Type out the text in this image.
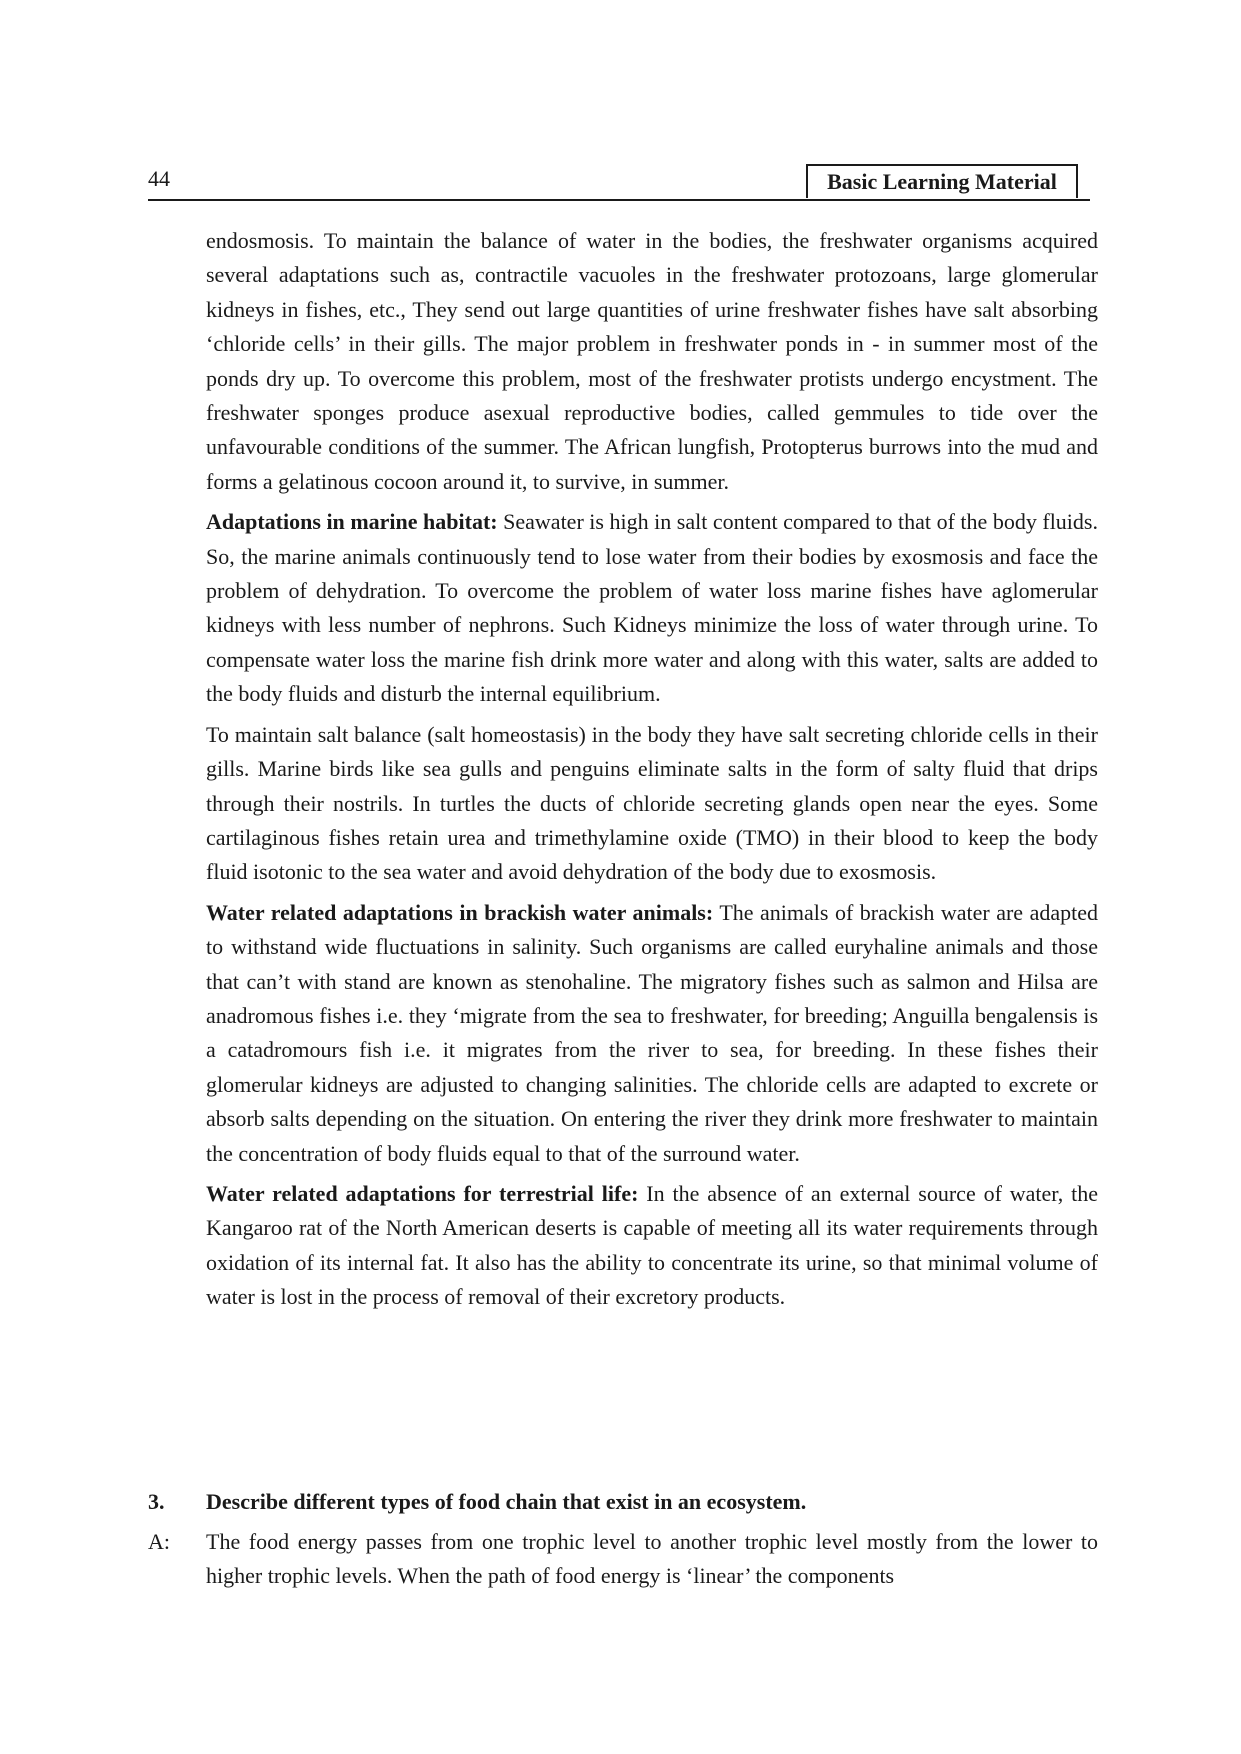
44	Basic Learning Material

endosmosis. To maintain the balance of water in the bodies, the freshwater organisms acquired several adaptations such as, contractile vacuoles in the freshwater protozoans, large glomerular kidneys in fishes, etc., They send out large quantities of urine freshwater fishes have salt absorbing ‘chloride cells’ in their gills. The major problem in freshwater ponds in - in summer most of the ponds dry up. To overcome this problem, most of the freshwater protists undergo encystment. The freshwater sponges produce asexual reproductive bodies, called gemmules to tide over the unfavourable conditions of the summer. The African lungfish, Protopterus burrows into the mud and forms a gelatinous cocoon around it, to survive, in summer.

Adaptations in marine habitat: Seawater is high in salt content compared to that of the body fluids. So, the marine animals continuously tend to lose water from their bodies by exosmosis and face the problem of dehydration. To overcome the problem of water loss marine fishes have aglomerular kidneys with less number of nephrons. Such Kidneys minimize the loss of water through urine. To compensate water loss the marine fish drink more water and along with this water, salts are added to the body fluids and disturb the internal equilibrium.

To maintain salt balance (salt homeostasis) in the body they have salt secreting chloride cells in their gills. Marine birds like sea gulls and penguins eliminate salts in the form of salty fluid that drips through their nostrils. In turtles the ducts of chloride secreting glands open near the eyes. Some cartilaginous fishes retain urea and trimethylamine oxide (TMO) in their blood to keep the body fluid isotonic to the sea water and avoid dehydration of the body due to exosmosis.

Water related adaptations in brackish water animals: The animals of brackish water are adapted to withstand wide fluctuations in salinity. Such organisms are called euryhaline animals and those that can’t with stand are known as stenohaline. The migratory fishes such as salmon and Hilsa are anadromous fishes i.e. they ‘migrate from the sea to freshwater, for breeding; Anguilla bengalensis is a catadromours fish i.e. it migrates from the river to sea, for breeding. In these fishes their glomerular kidneys are adjusted to changing salinities. The chloride cells are adapted to excrete or absorb salts depending on the situation. On entering the river they drink more freshwater to maintain the concentration of body fluids equal to that of the surround water.

Water related adaptations for terrestrial life: In the absence of an external source of water, the Kangaroo rat of the North American deserts is capable of meeting all its water requirements through oxidation of its internal fat. It also has the ability to concentrate its urine, so that minimal volume of water is lost in the process of removal of their excretory products.

3. Describe different types of food chain that exist in an ecosystem.
A: The food energy passes from one trophic level to another trophic level mostly from the lower to higher trophic levels. When the path of food energy is ‘linear’ the components
